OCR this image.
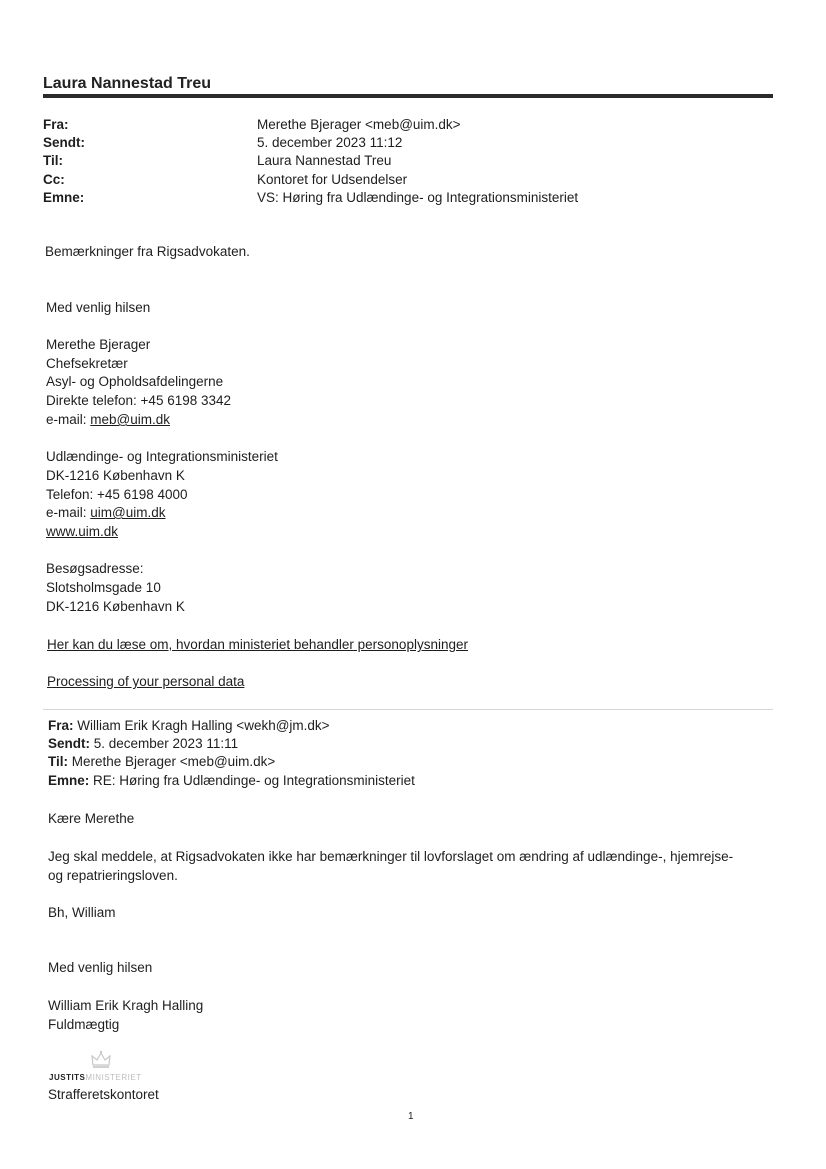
Laura Nannestad Treu
Fra:	Merethe Bjerager <meb@uim.dk>
Sendt:	5. december 2023 11:12
Til:	Laura Nannestad Treu
Cc:	Kontoret for Udsendelser
Emne:	VS: Høring fra Udlændinge- og Integrationsministeriet
Bemærkninger fra Rigsadvokaten.
Med venlig hilsen
Merethe Bjerager
Chefsekretær
Asyl- og Opholdsafdelingerne
Direkte telefon: +45 6198 3342
e-mail: meb@uim.dk
Udlændinge- og Integrationsministeriet
DK-1216 København K
Telefon: +45 6198 4000
e-mail: uim@uim.dk
www.uim.dk
Besøgsadresse:
Slotsholmsgade 10
DK-1216 København K
Her kan du læse om, hvordan ministeriet behandler personoplysninger
Processing of your personal data
Fra: William Erik Kragh Halling <wekh@jm.dk>
Sendt: 5. december 2023 11:11
Til: Merethe Bjerager <meb@uim.dk>
Emne: RE: Høring fra Udlændinge- og Integrationsministeriet
Kære Merethe
Jeg skal meddele, at Rigsadvokaten ikke har bemærkninger til lovforslaget om ændring af udlændinge-, hjemrejse-
og repatrieringsloven.
Bh, William
Med venlig hilsen
William Erik Kragh Halling
Fuldmægtig
JUSTITSMINISTERIET
Strafferetskontoret
1
